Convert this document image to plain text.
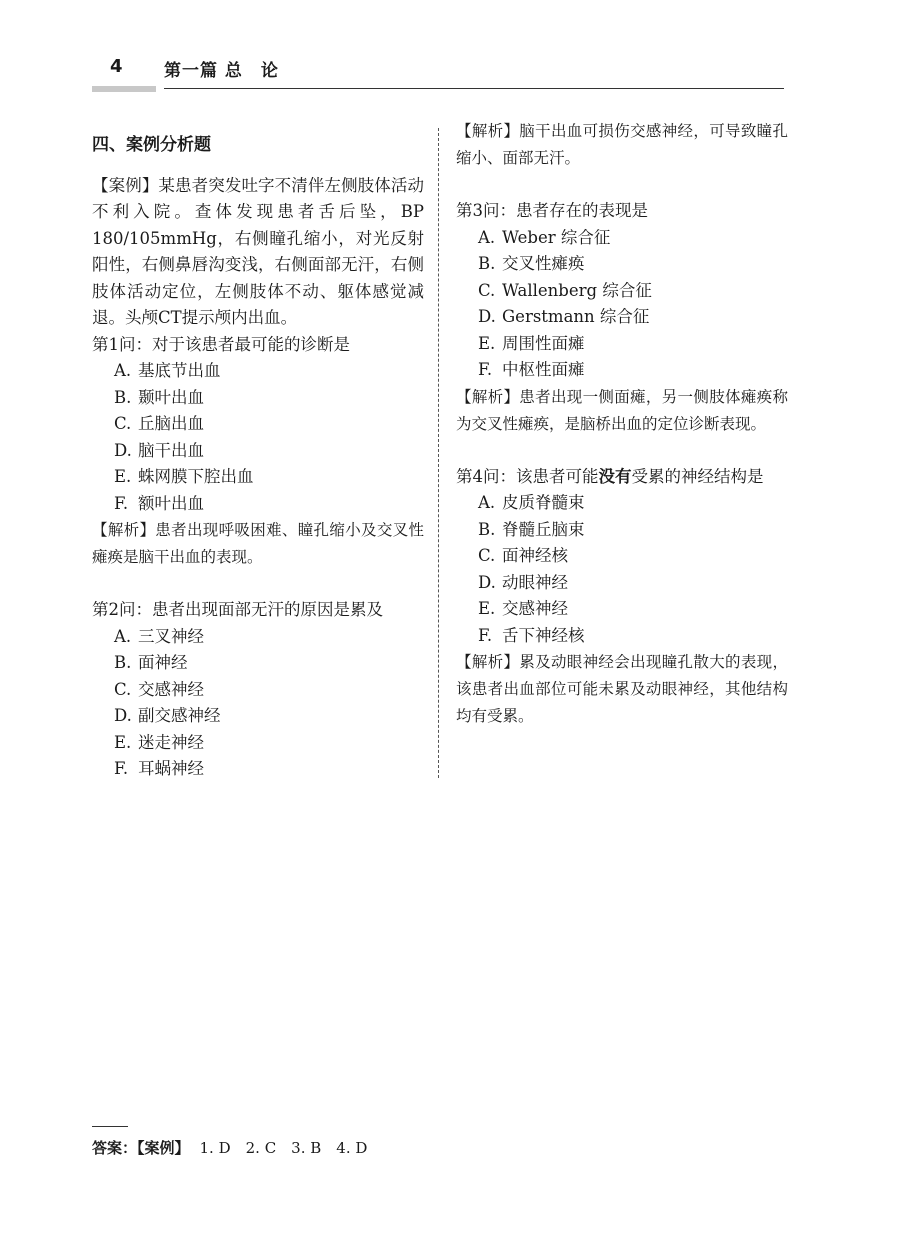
4 第一篇 总　论
四、案例分析题
【案例】某患者突发吐字不清伴左侧肢体活动不利入院。查体发现患者舌后坠，BP 180/105mmHg，右侧瞳孔缩小，对光反射阳性，右侧鼻唇沟变浅，右侧面部无汗，右侧肢体活动定位，左侧肢体不动、躯体感觉减退。头颅CT提示颅内出血。
第1问：对于该患者最可能的诊断是
A. 基底节出血
B. 颞叶出血
C. 丘脑出血
D. 脑干出血
E. 蛛网膜下腔出血
F. 额叶出血
【解析】患者出现呼吸困难、瞳孔缩小及交叉性瘫痪是脑干出血的表现。
第2问：患者出现面部无汗的原因是累及
A. 三叉神经
B. 面神经
C. 交感神经
D. 副交感神经
E. 迷走神经
F. 耳蜗神经
【解析】脑干出血可损伤交感神经，可导致瞳孔缩小、面部无汗。
第3问：患者存在的表现是
A. Weber 综合征
B. 交叉性瘫痪
C. Wallenberg 综合征
D. Gerstmann 综合征
E. 周围性面瘫
F. 中枢性面瘫
【解析】患者出现一侧面瘫，另一侧肢体瘫痪称为交叉性瘫痪，是脑桥出血的定位诊断表现。
第4问：该患者可能没有受累的神经结构是
A. 皮质脊髓束
B. 脊髓丘脑束
C. 面神经核
D. 动眼神经
E. 交感神经
F. 舌下神经核
【解析】累及动眼神经会出现瞳孔散大的表现，该患者出血部位可能未累及动眼神经，其他结构均有受累。
答案：【案例】 1. D　2. C　3. B　4. D
